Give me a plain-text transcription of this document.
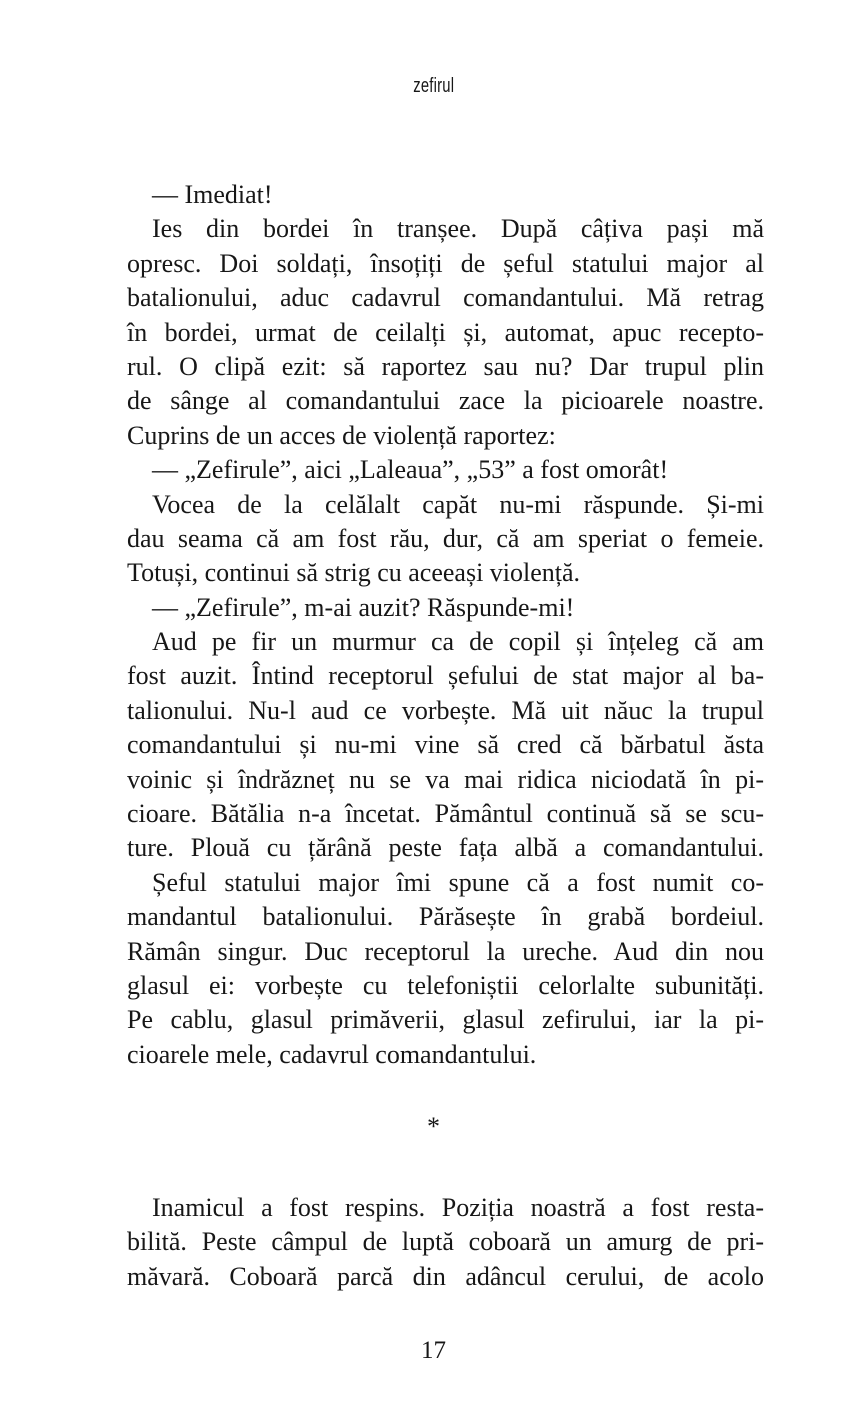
zefirul
— Imediat!
Ies din bordei în tranșee. După câțiva pași mă
opresc. Doi soldați, însoțiți de șeful statului major al
batalionului, aduc cadavrul comandantului. Mă retrag
în bordei, urmat de ceilalți și, automat, apuc recepto-
rul. O clipă ezit: să raportez sau nu? Dar trupul plin
de sânge al comandantului zace la picioarele noastre.
Cuprins de un acces de violență raportez:
— „Zefirule”, aici „Laleaua”, „53” a fost omorât!
Vocea de la celălalt capăt nu-mi răspunde. Și-mi
dau seama că am fost rău, dur, că am speriat o femeie.
Totuși, continui să strig cu aceeași violență.
— „Zefirule”, m-ai auzit? Răspunde-mi!
Aud pe fir un murmur ca de copil și înțeleg că am
fost auzit. Întind receptorul șefului de stat major al ba-
talionului. Nu-l aud ce vorbește. Mă uit năuc la trupul
comandantului și nu-mi vine să cred că bărbatul ăsta
voinic și îndrăzneț nu se va mai ridica niciodată în pi-
cioare. Bătălia n-a încetat. Pământul continuă să se scu-
ture. Plouă cu țărână peste fața albă a comandantului.
Șeful statului major îmi spune că a fost numit co-
mandantul batalionului. Părăsește în grabă bordeiul.
Rămân singur. Duc receptorul la ureche. Aud din nou
glasul ei: vorbește cu telefoniștii celorlalte subunități.
Pe cablu, glasul primăverii, glasul zefirului, iar la pi-
cioarele mele, cadavrul comandantului.
*
Inamicul a fost respins. Poziția noastră a fost resta-
bilită. Peste câmpul de luptă coboară un amurg de pri-
măvară. Coboară parcă din adâncul cerului, de acolo
17
